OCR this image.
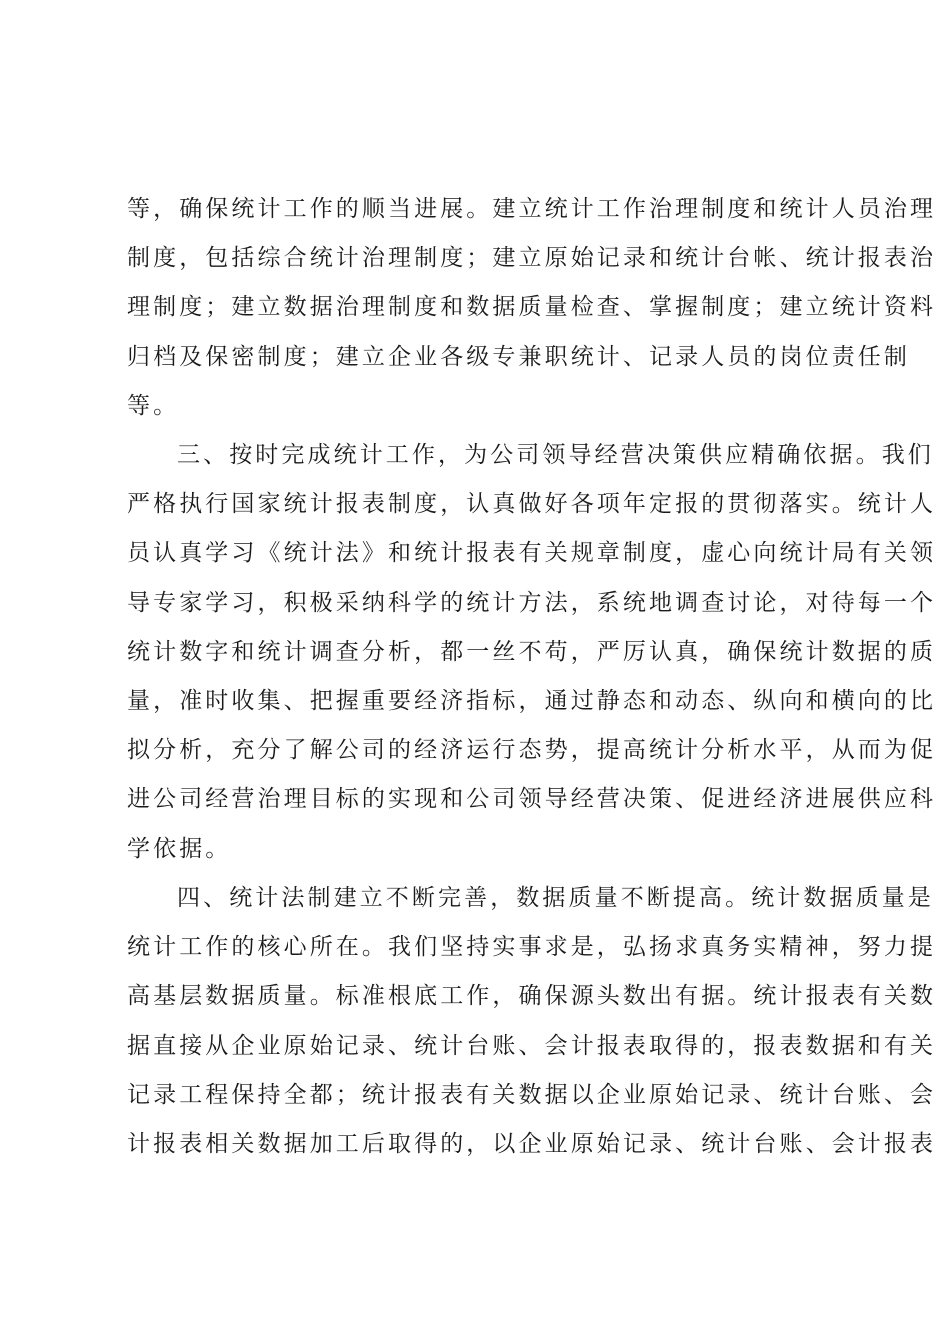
等，确保统计工作的顺当进展。建立统计工作治理制度和统计人员治理
制度，包括综合统计治理制度；建立原始记录和统计台帐、统计报表治
理制度；建立数据治理制度和数据质量检查、掌握制度；建立统计资料
归档及保密制度；建立企业各级专兼职统计、记录人员的岗位责任制
等。
三、按时完成统计工作，为公司领导经营决策供应精确依据。我们
严格执行国家统计报表制度，认真做好各项年定报的贯彻落实。统计人
员认真学习《统计法》和统计报表有关规章制度，虚心向统计局有关领
导专家学习，积极采纳科学的统计方法，系统地调查讨论，对待每一个
统计数字和统计调查分析，都一丝不苟，严厉认真，确保统计数据的质
量，准时收集、把握重要经济指标，通过静态和动态、纵向和横向的比
拟分析，充分了解公司的经济运行态势，提高统计分析水平，从而为促
进公司经营治理目标的实现和公司领导经营决策、促进经济进展供应科
学依据。
四、统计法制建立不断完善，数据质量不断提高。统计数据质量是
统计工作的核心所在。我们坚持实事求是，弘扬求真务实精神，努力提
高基层数据质量。标准根底工作，确保源头数出有据。统计报表有关数
据直接从企业原始记录、统计台账、会计报表取得的，报表数据和有关
记录工程保持全都；统计报表有关数据以企业原始记录、统计台账、会
计报表相关数据加工后取得的，以企业原始记录、统计台账、会计报表
